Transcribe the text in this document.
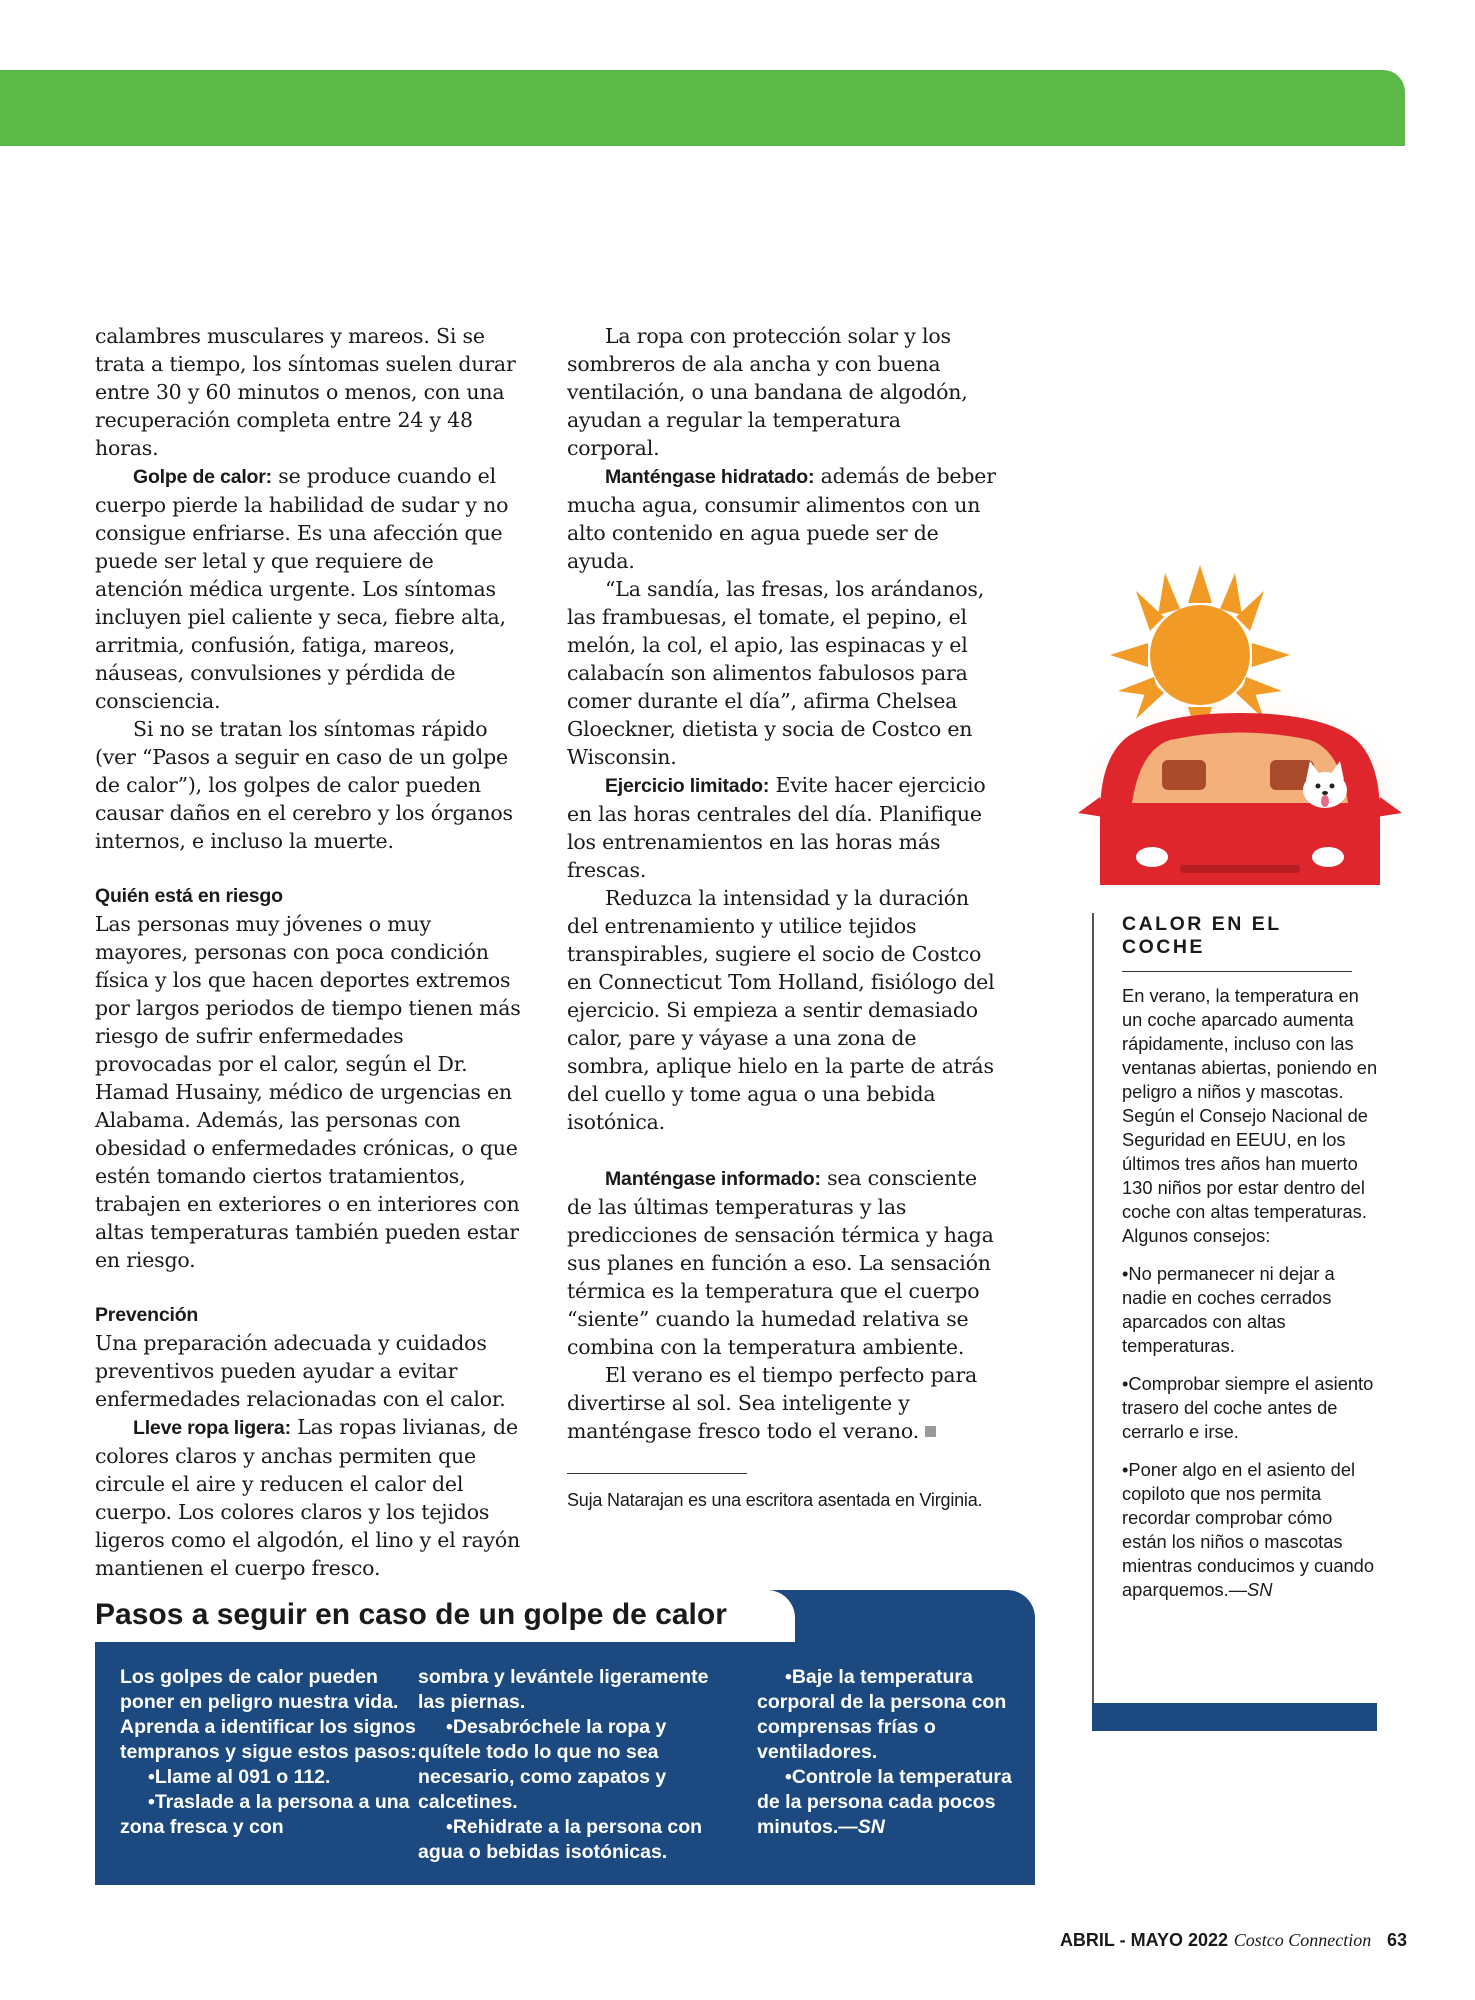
calambres musculares y mareos. Si se trata a tiempo, los síntomas suelen durar entre 30 y 60 minutos o menos, con una recuperación completa entre 24 y 48 horas.

Golpe de calor: se produce cuando el cuerpo pierde la habilidad de sudar y no consigue enfriarse. Es una afección que puede ser letal y que requiere de atención médica urgente. Los síntomas incluyen piel caliente y seca, fiebre alta, arritmia, confusión, fatiga, mareos, náuseas, convulsiones y pérdida de consciencia.

Si no se tratan los síntomas rápido (ver “Pasos a seguir en caso de un golpe de calor”), los golpes de calor pueden causar daños en el cerebro y los órganos internos, e incluso la muerte.

Quién está en riesgo

Las personas muy jóvenes o muy mayores, personas con poca condición física y los que hacen deportes extremos por largos periodos de tiempo tienen más riesgo de sufrir enfermedades provocadas por el calor, según el Dr. Hamad Husainy, médico de urgencias en Alabama. Además, las personas con obesidad o enfermedades crónicas, o que estén tomando ciertos tratamientos, trabajen en exteriores o en interiores con altas temperaturas también pueden estar en riesgo.

Prevención

Una preparación adecuada y cuidados preventivos pueden ayudar a evitar enfermedades relacionadas con el calor.

Lleve ropa ligera: Las ropas livianas, de colores claros y anchas permiten que circule el aire y reducen el calor del cuerpo. Los colores claros y los tejidos ligeros como el algodón, el lino y el rayón mantienen el cuerpo fresco.

La ropa con protección solar y los sombreros de ala ancha y con buena ventilación, o una bandana de algodón, ayudan a regular la temperatura corporal.

Manténgase hidratado: además de beber mucha agua, consumir alimentos con un alto contenido en agua puede ser de ayuda.

“La sandía, las fresas, los arándanos, las frambuesas, el tomate, el pepino, el melón, la col, el apio, las espinacas y el calabacín son alimentos fabulosos para comer durante el día”, afirma Chelsea Gloeckner, dietista y socia de Costco en Wisconsin.

Ejercicio limitado: Evite hacer ejercicio en las horas centrales del día. Planifique los entrenamientos en las horas más frescas.

Reduzca la intensidad y la duración del entrenamiento y utilice tejidos transpirables, sugiere el socio de Costco en Connecticut Tom Holland, fisiólogo del ejercicio. Si empieza a sentir demasiado calor, pare y váyase a una zona de sombra, aplique hielo en la parte de atrás del cuello y tome agua o una bebida isotónica.

Manténgase informado: sea consciente de las últimas temperaturas y las predicciones de sensación térmica y haga sus planes en función a eso. La sensación térmica es la temperatura que el cuerpo “siente” cuando la humedad relativa se combina con la temperatura ambiente.

El verano es el tiempo perfecto para divertirse al sol. Sea inteligente y manténgase fresco todo el verano.

Suja Natarajan es una escritora asentada en Virginia.

CALOR EN EL COCHE

En verano, la temperatura en un coche aparcado aumenta rápidamente, incluso con las ventanas abiertas, poniendo en peligro a niños y mascotas. Según el Consejo Nacional de Seguridad en EEUU, en los últimos tres años han muerto 130 niños por estar dentro del coche con altas temperaturas. Algunos consejos:

•No permanecer ni dejar a nadie en coches cerrados aparcados con altas temperaturas.

•Comprobar siempre el asiento trasero del coche antes de cerrarlo e irse.

•Poner algo en el asiento del copiloto que nos permita recordar comprobar cómo están los niños o mascotas mientras conducimos y cuando aparquemos.—SN

Pasos a seguir en caso de un golpe de calor

Los golpes de calor pueden poner en peligro nuestra vida. Aprenda a identificar los signos tempranos y sigue estos pasos:

•Llame al 091 o 112.

•Traslade a la persona a una zona fresca y con

sombra y levántele ligeramente las piernas.

•Desabróchele la ropa y quítele todo lo que no sea necesario, como zapatos y calcetines.

•Rehidrate a la persona con agua o bebidas isotónicas.

•Baje la temperatura corporal de la persona con comprensas frías o ventiladores.

•Controle la temperatura de la persona cada pocos minutos.—SN

ABRIL - MAYO 2022 Costco Connection 63
